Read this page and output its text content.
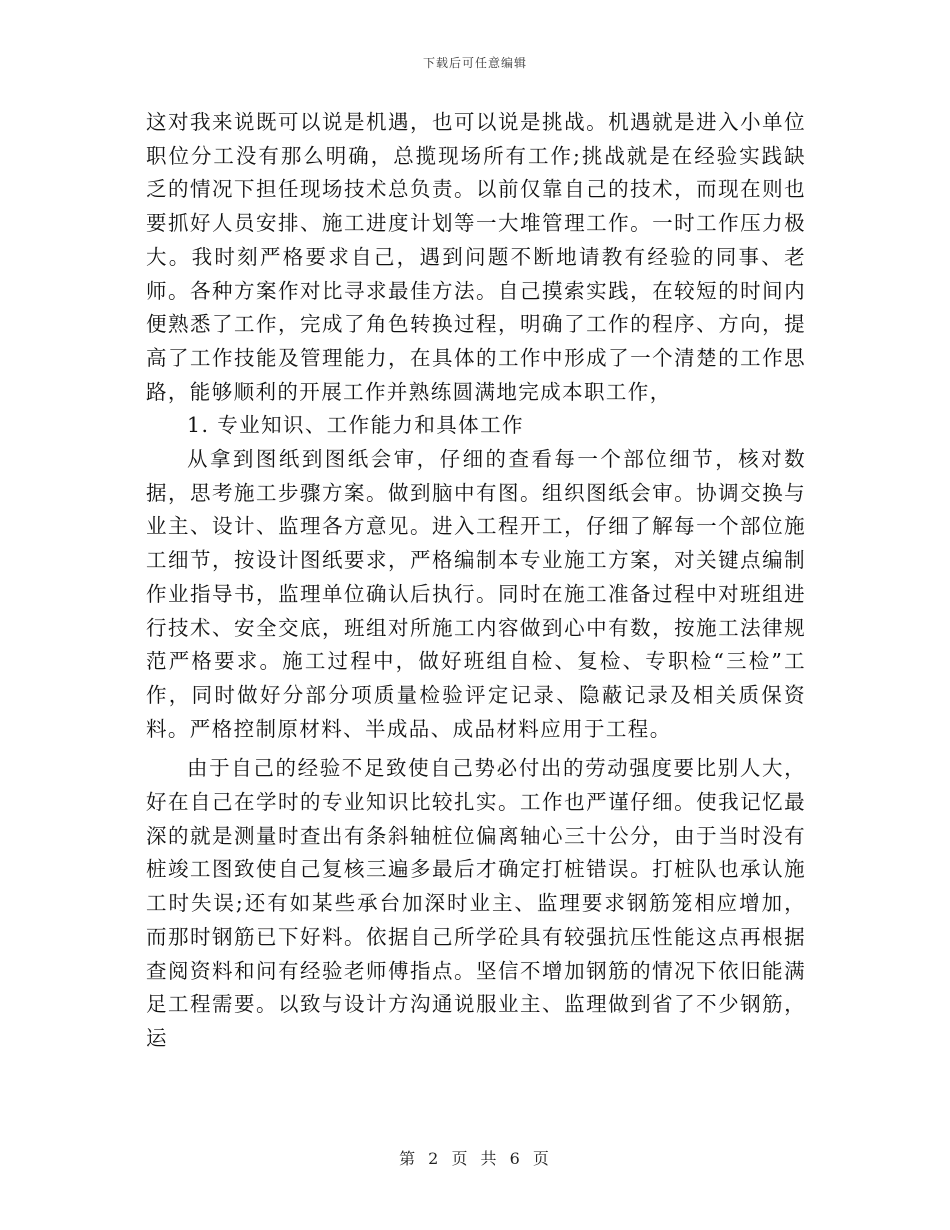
下载后可任意编辑

这对我来说既可以说是机遇，也可以说是挑战。机遇就是进入小单位职位分工没有那么明确，总揽现场所有工作;挑战就是在经验实践缺乏的情况下担任现场技术总负责。以前仅靠自己的技术，而现在则也要抓好人员安排、施工进度计划等一大堆管理工作。一时工作压力极大。我时刻严格要求自己，遇到问题不断地请教有经验的同事、老师。各种方案作对比寻求最佳方法。自己摸索实践，在较短的时间内便熟悉了工作，完成了角色转换过程，明确了工作的程序、方向，提高了工作技能及管理能力，在具体的工作中形成了一个清楚的工作思路，能够顺利的开展工作并熟练圆满地完成本职工作，

1. 专业知识、工作能力和具体工作

从拿到图纸到图纸会审，仔细的查看每一个部位细节，核对数据，思考施工步骤方案。做到脑中有图。组织图纸会审。协调交换与业主、设计、监理各方意见。进入工程开工，仔细了解每一个部位施工细节，按设计图纸要求，严格编制本专业施工方案，对关键点编制作业指导书，监理单位确认后执行。同时在施工准备过程中对班组进行技术、安全交底，班组对所施工内容做到心中有数，按施工法律规范严格要求。施工过程中，做好班组自检、复检、专职检“三检”工作，同时做好分部分项质量检验评定记录、隐蔽记录及相关质保资料。严格控制原材料、半成品、成品材料应用于工程。

由于自己的经验不足致使自己势必付出的劳动强度要比别人大，好在自己在学时的专业知识比较扎实。工作也严谨仔细。使我记忆最深的就是测量时查出有条斜轴桩位偏离轴心三十公分，由于当时没有桩竣工图致使自己复核三遍多最后才确定打桩错误。打桩队也承认施工时失误;还有如某些承台加深时业主、监理要求钢筋笼相应增加，而那时钢筋已下好料。依据自己所学砼具有较强抗压性能这点再根据查阅资料和问有经验老师傅指点。坚信不增加钢筋的情况下依旧能满足工程需要。以致与设计方沟通说服业主、监理做到省了不少钢筋，运

第 2 页 共 6 页
